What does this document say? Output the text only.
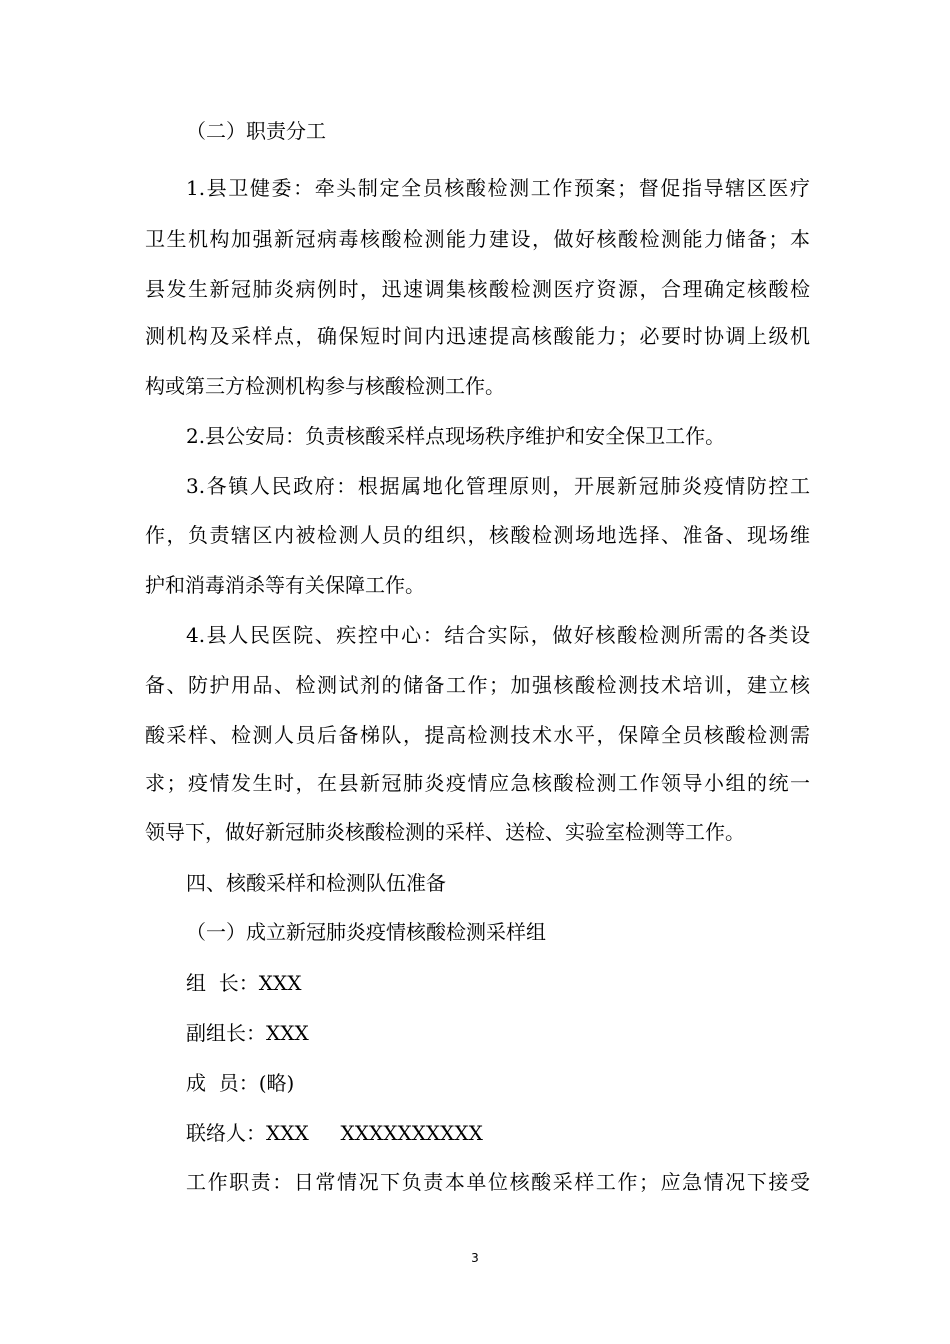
（二）职责分工
1.县卫健委：牵头制定全员核酸检测工作预案；督促指导辖区医疗
卫生机构加强新冠病毒核酸检测能力建设，做好核酸检测能力储备；本
县发生新冠肺炎病例时，迅速调集核酸检测医疗资源，合理确定核酸检
测机构及采样点，确保短时间内迅速提高核酸能力；必要时协调上级机
构或第三方检测机构参与核酸检测工作。
2.县公安局：负责核酸采样点现场秩序维护和安全保卫工作。
3.各镇人民政府：根据属地化管理原则，开展新冠肺炎疫情防控工
作，负责辖区内被检测人员的组织，核酸检测场地选择、准备、现场维
护和消毒消杀等有关保障工作。
4.县人民医院、疾控中心：结合实际，做好核酸检测所需的各类设
备、防护用品、检测试剂的储备工作；加强核酸检测技术培训，建立核
酸采样、检测人员后备梯队，提高检测技术水平，保障全员核酸检测需
求；疫情发生时，在县新冠肺炎疫情应急核酸检测工作领导小组的统一
领导下，做好新冠肺炎核酸检测的采样、送检、实验室检测等工作。
四、核酸采样和检测队伍准备
（一）成立新冠肺炎疫情核酸检测采样组
组  长：XXX
副组长：XXX
成  员：(略)
联络人：XXX     XXXXXXXXXX
工作职责：日常情况下负责本单位核酸采样工作；应急情况下接受
3
